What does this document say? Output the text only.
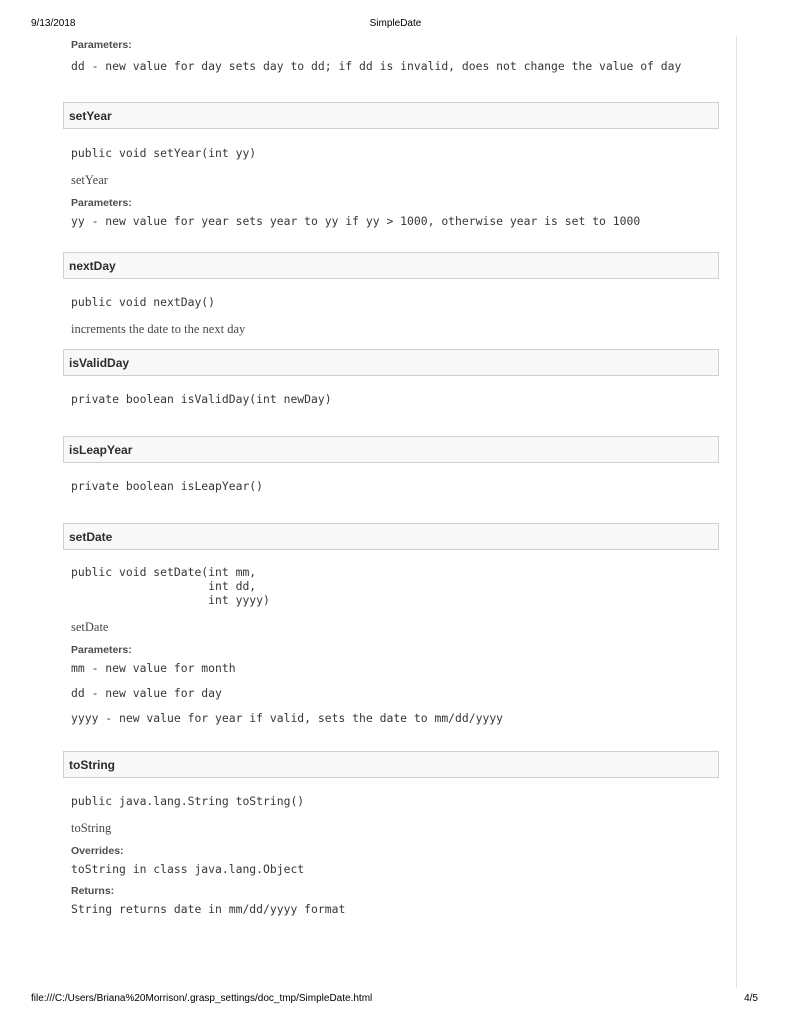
9/13/2018	SimpleDate
Parameters:
dd - new value for day sets day to dd; if dd is invalid, does not change the value of day
setYear
public void setYear(int yy)
setYear
Parameters:
yy - new value for year sets year to yy if yy > 1000, otherwise year is set to 1000
nextDay
public void nextDay()
increments the date to the next day
isValidDay
private boolean isValidDay(int newDay)
isLeapYear
private boolean isLeapYear()
setDate
public void setDate(int mm,
int dd,
int yyyy)
setDate
Parameters:
mm - new value for month
dd - new value for day
yyyy - new value for year if valid, sets the date to mm/dd/yyyy
toString
public java.lang.String toString()
toString
Overrides:
toString in class java.lang.Object
Returns:
String returns date in mm/dd/yyyy format
file:///C:/Users/Briana%20Morrison/.grasp_settings/doc_tmp/SimpleDate.html	4/5
